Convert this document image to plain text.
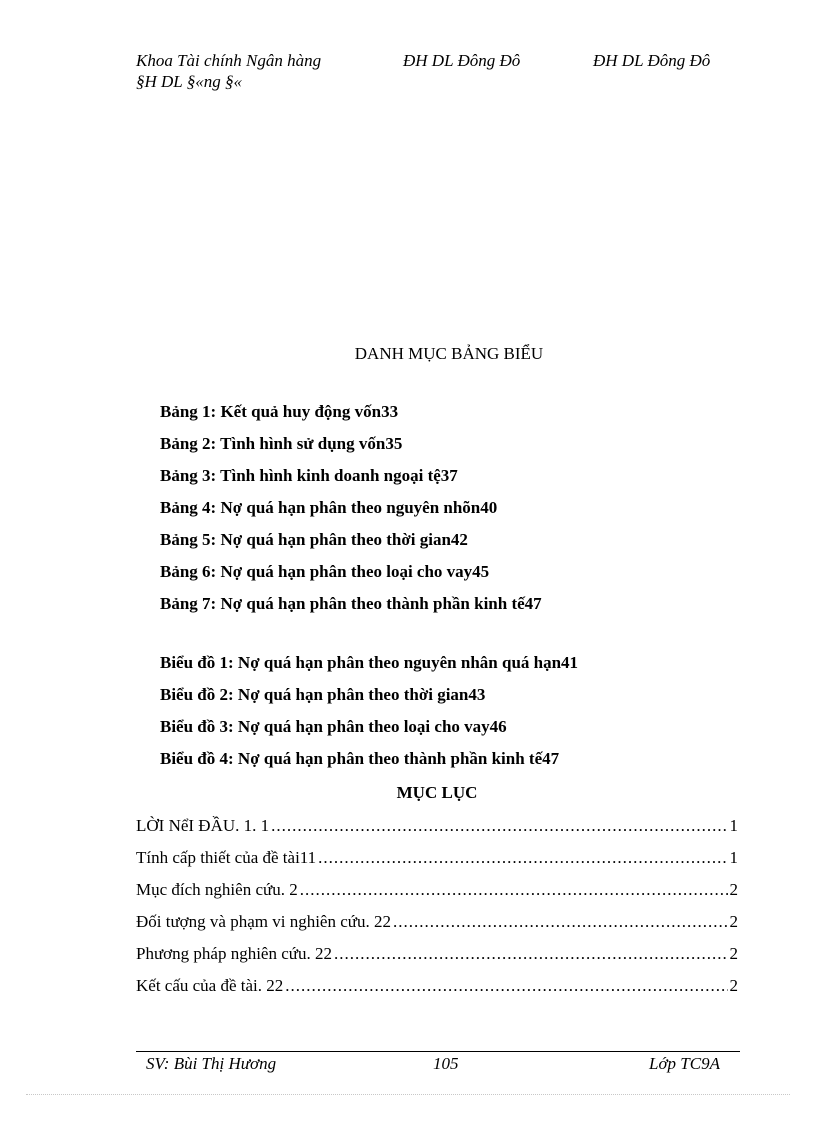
Khoa Tài chính Ngân hàng	ĐH DL Đông Đô	ĐH DL Đông Đô
§H DL §«ng §«
DANH MỤC BẢNG BIỂU
Bảng 1: Kết quả huy động vốn33
Bảng 2: Tình hình sử dụng vốn35
Bảng 3: Tình hình kinh doanh ngoại tệ37
Bảng 4: Nợ quá hạn phân theo nguyên nhõn40
Bảng 5: Nợ quá hạn phân theo thời gian42
Bảng 6: Nợ quá hạn phân theo loại cho vay45
Bảng 7: Nợ quá hạn phân theo thành phần kinh tế47
Biểu đồ 1: Nợ quá hạn phân theo nguyên nhân quá hạn41
Biểu đồ 2: Nợ quá hạn phân theo thời gian43
Biểu đồ 3: Nợ quá hạn phân theo loại cho vay46
Biểu đồ 4: Nợ quá hạn phân theo thành phần kinh tế47
MỤC LỤC
LỜI NểI ĐẦU. 1. 1 .....	1
Tính cấp thiết của đề tài11 .....	1
Mục đích nghiên cứu. 2 .....	2
Đối tượng và phạm vi nghiên cứu. 22 .....	2
Phương pháp nghiên cứu. 22 .....	2
Kết cấu của đề tài. 22 .....	2
SV: Bùi Thị Hương	105	Lớp TC9A
